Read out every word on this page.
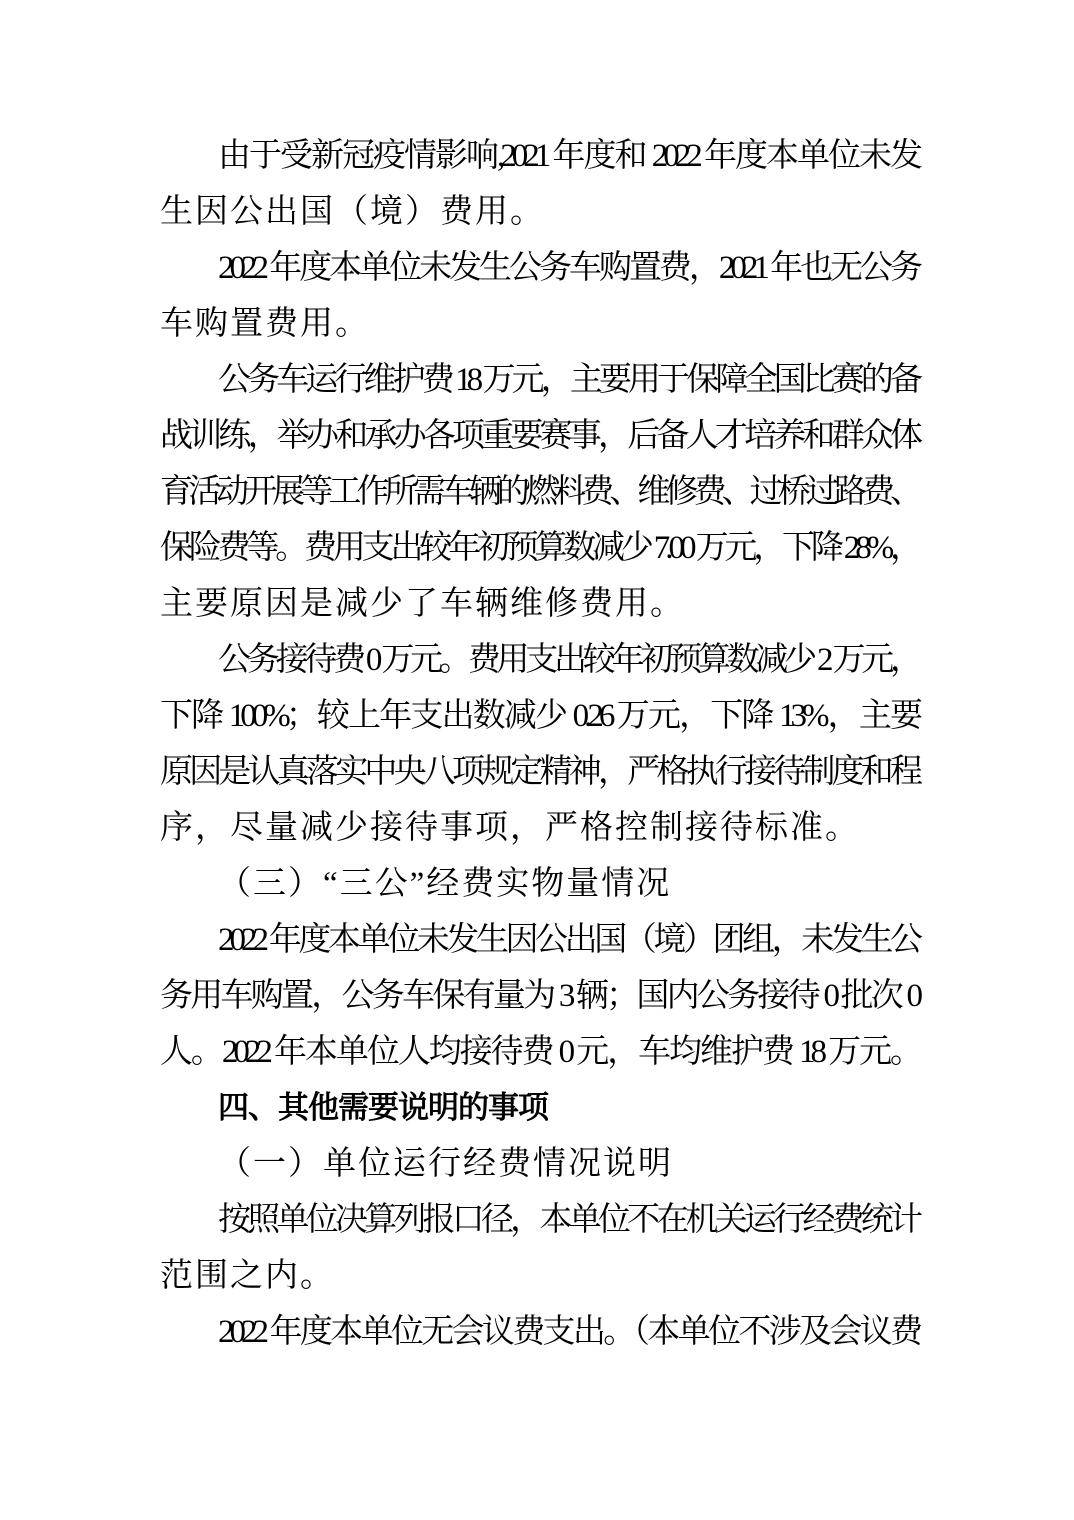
由于受新冠疫情影响,2021 年度和 2022 年度本单位未发
生因公出国（境）费用。
2022 年度本单位未发生公务车购置费，2021 年也无公务
车购置费用。
公务车运行维护费 18 万元，主要用于保障全国比赛的备
战训练，举办和承办各项重要赛事，后备人才培养和群众体
育活动开展等工作所需车辆的燃料费、维修费、过桥过路费、
保险费等。费用支出较年初预算数减少 7.00 万元，下降 28%，
主要原因是减少了车辆维修费用。
公务接待费 0 万元。费用支出较年初预算数减少 2 万元，
下降 100%；较上年支出数减少 0.26 万元，下降 13%，主要
原因是认真落实中央八项规定精神，严格执行接待制度和程
序，尽量减少接待事项，严格控制接待标准。
（三）“三公”经费实物量情况
2022 年度本单位未发生因公出国（境）团组，未发生公
务用车购置，公务车保有量为 3 辆；国内公务接待 0 批次 0
人。2022 年本单位人均接待费 0 元，车均维护费 18 万元。
四、其他需要说明的事项
（一）单位运行经费情况说明
按照单位决算列报口径，本单位不在机关运行经费统计
范围之内。
2022 年度本单位无会议费支出。（本单位不涉及会议费
